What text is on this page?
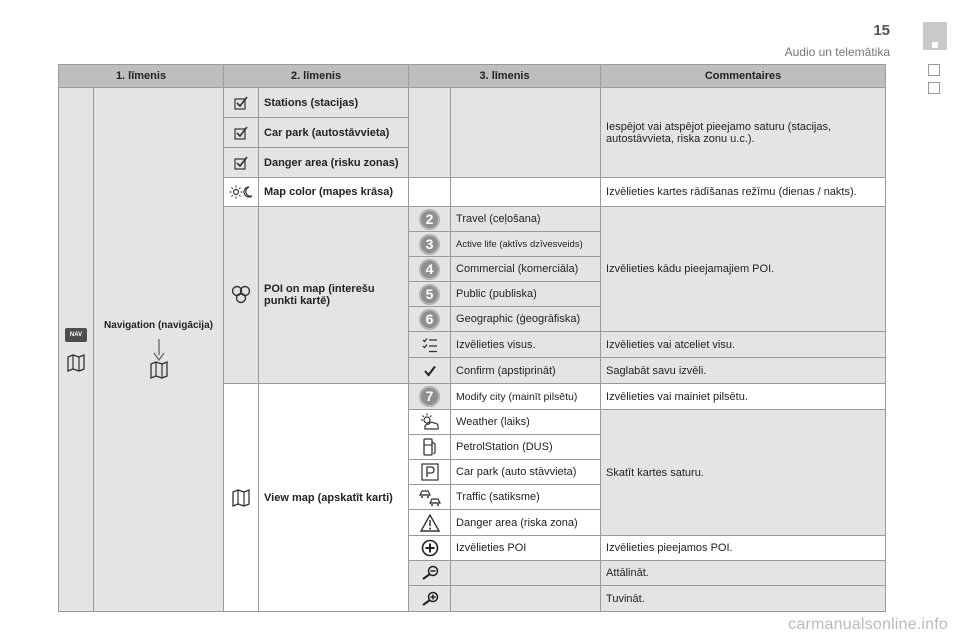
15
Audio un telemātika
1. līmenis		2. līmenis		3. līmenis		Commentaires
NAV	Navigation (navigācija)		Stations (stacijas)			Iespējot vai atspējot pieejamo saturu (stacijas, autostāvvieta, riska zonu u.c.).
	Car park (autostāvvieta)			
	Danger area (risku zonas)			
	Map color (mapes krāsa)			Izvēlieties kartes rādīšanas režīmu (dienas / nakts).
	POI on map (interešu punkti kartē)	2	Travel (ceļošana)	Izvēlieties kādu pieejamajiem POI.
				3	Active life (aktīvs dzīvesveids)	
				4	Commercial (komerciāla)	
				5	Public (publiska)	
				6	Geographic (ģeogrāfiska)	
	Izvēlieties visus.	Izvēlieties vai atceliet visu.
	Confirm (apstiprināt)	Saglabāt savu izvēli.
	View map (apskatīt karti)	7	Modify city (mainīt pilsētu)	Izvēlieties vai mainiet pilsētu.
	Weather (laiks)	Skatīt kartes saturu.
	PetrolStation (DUS)	
	Car park (auto stāvvieta)	
	Traffic (satiksme)	
	Danger area (riska zona)	
	Izvēlieties POI	Izvēlieties pieejamos POI.
		Attālināt.
		Tuvināt.
carmanualsonline.info
